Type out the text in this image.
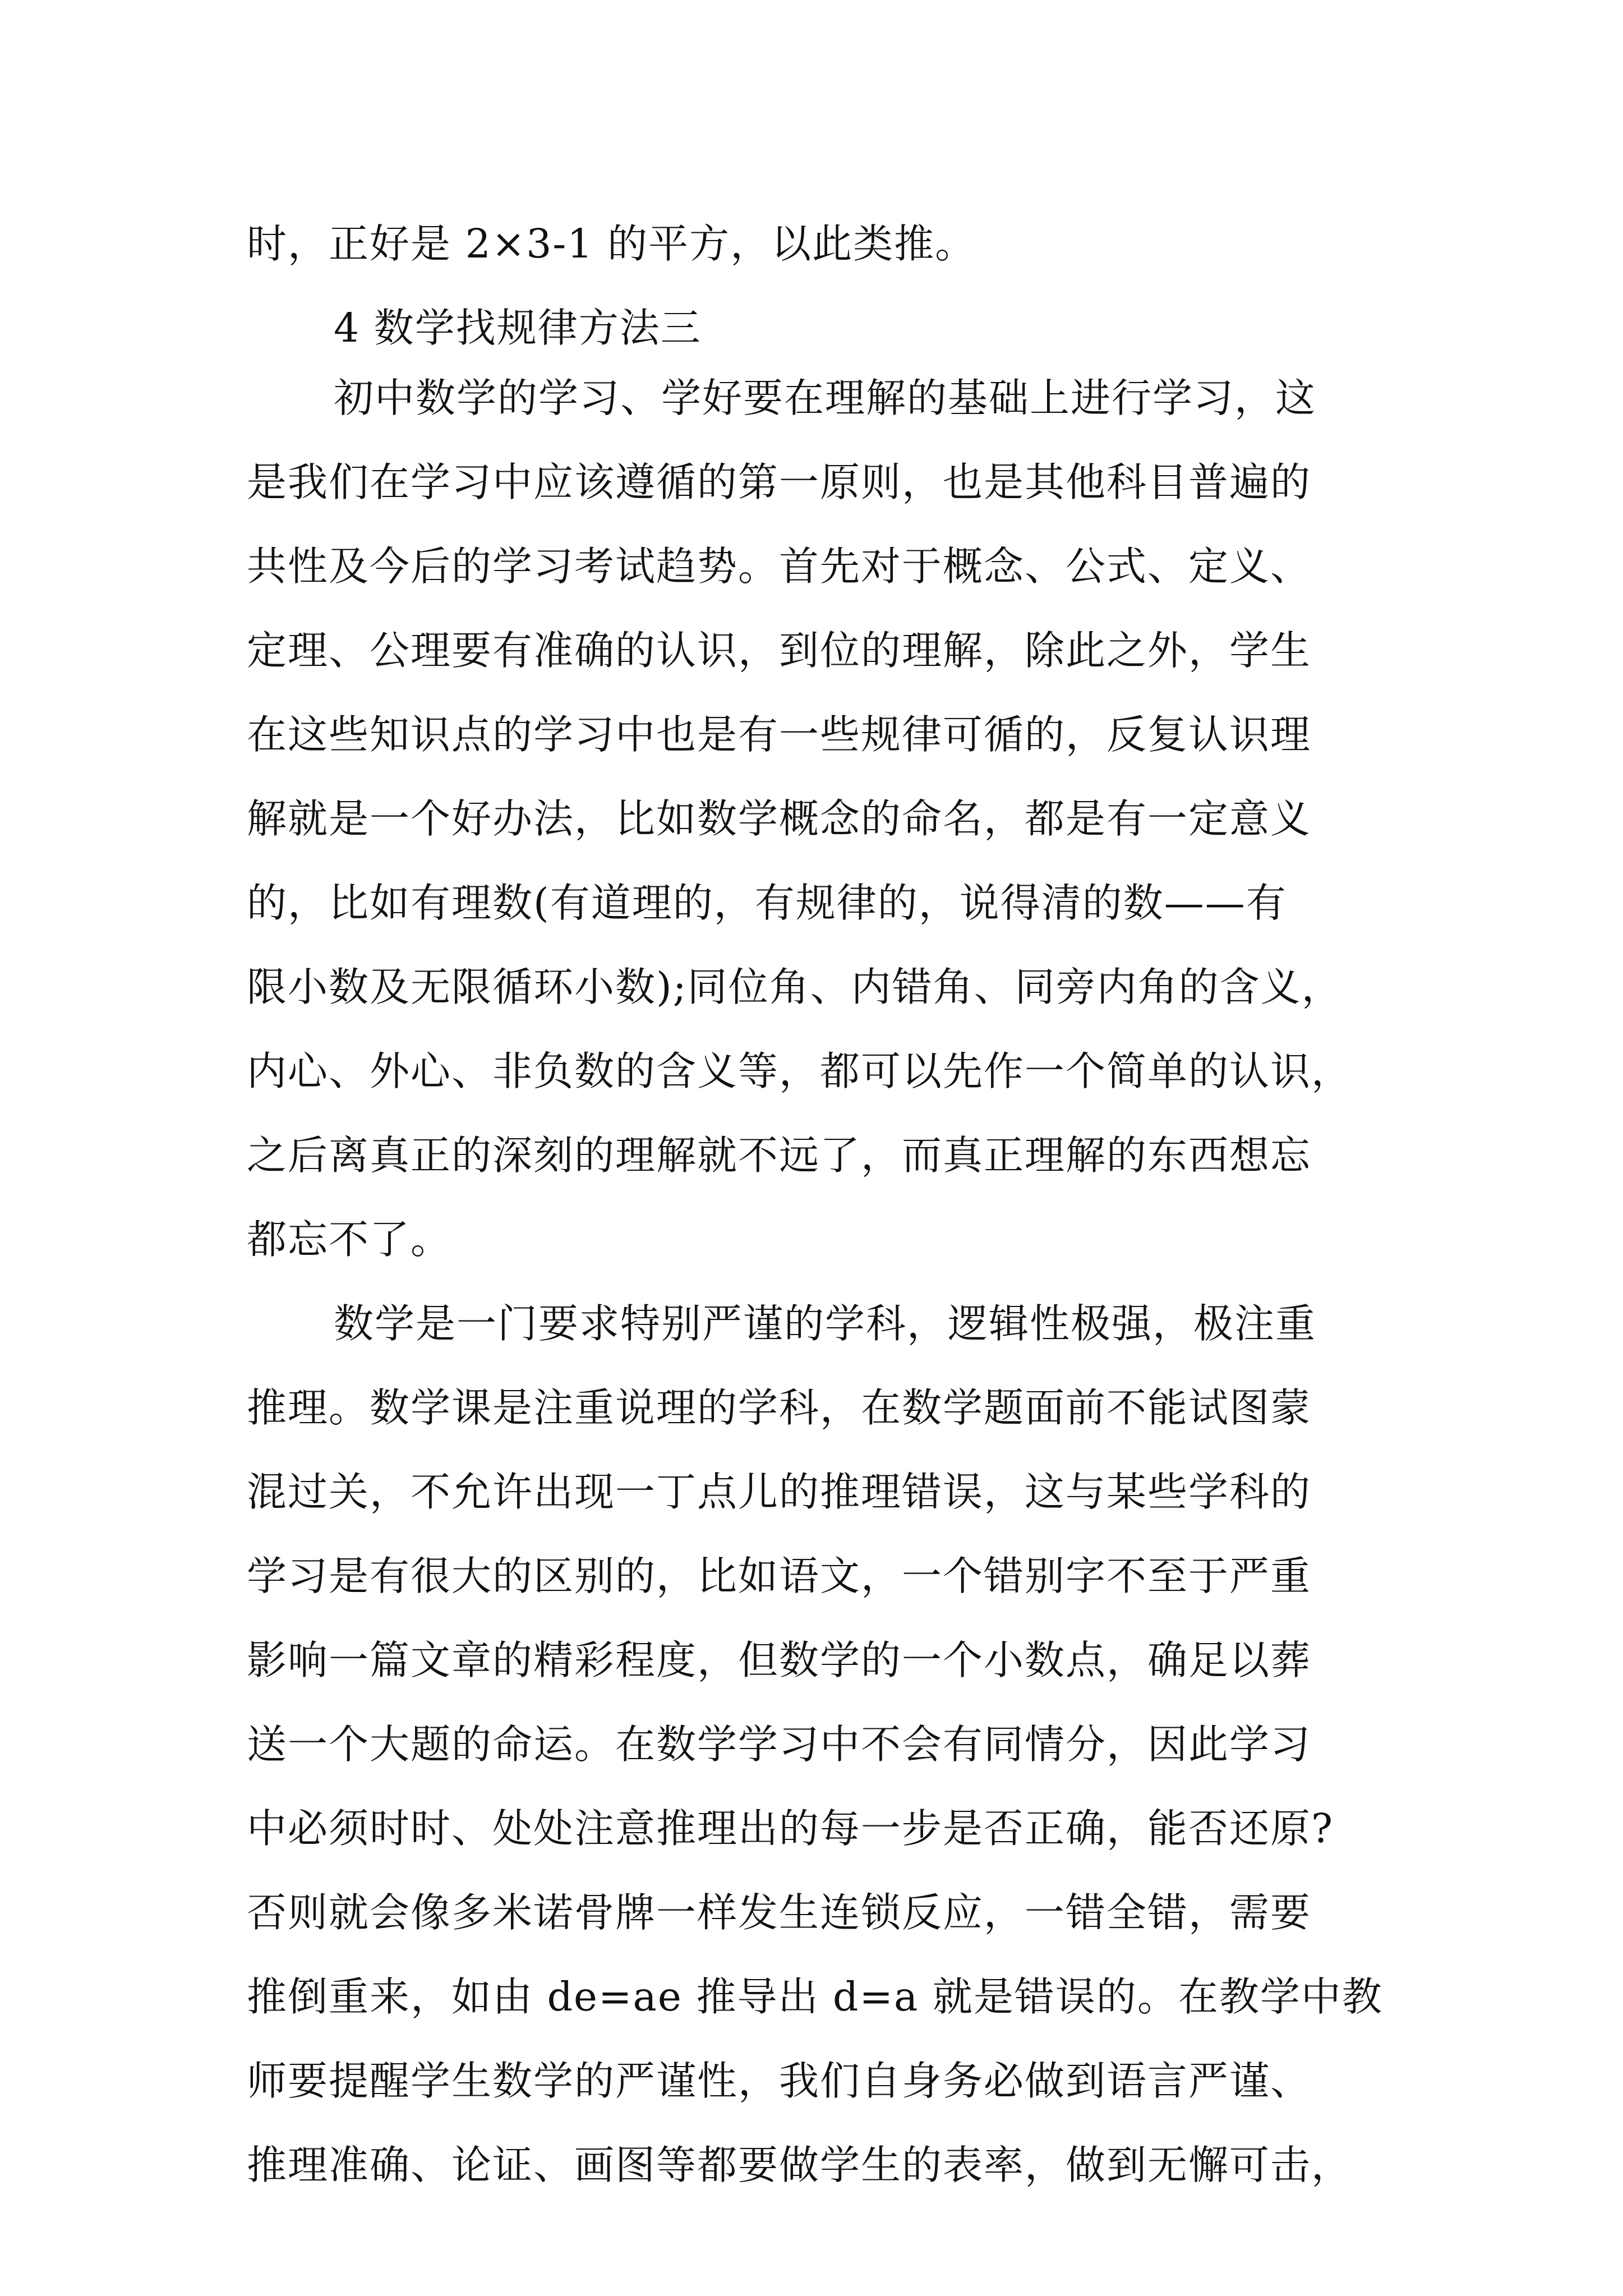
时，正好是 2×3-1 的平方，以此类推。
4 数学找规律方法三
初中数学的学习、学好要在理解的基础上进行学习，这
是我们在学习中应该遵循的第一原则，也是其他科目普遍的
共性及今后的学习考试趋势。首先对于概念、公式、定义、
定理、公理要有准确的认识，到位的理解，除此之外，学生
在这些知识点的学习中也是有一些规律可循的，反复认识理
解就是一个好办法，比如数学概念的命名，都是有一定意义
的，比如有理数(有道理的，有规律的，说得清的数——有
限小数及无限循环小数);同位角、内错角、同旁内角的含义，
内心、外心、非负数的含义等，都可以先作一个简单的认识，
之后离真正的深刻的理解就不远了，而真正理解的东西想忘
都忘不了。
数学是一门要求特别严谨的学科，逻辑性极强，极注重
推理。数学课是注重说理的学科，在数学题面前不能试图蒙
混过关，不允许出现一丁点儿的推理错误，这与某些学科的
学习是有很大的区别的，比如语文，一个错别字不至于严重
影响一篇文章的精彩程度，但数学的一个小数点，确足以葬
送一个大题的命运。在数学学习中不会有同情分，因此学习
中必须时时、处处注意推理出的每一步是否正确，能否还原?
否则就会像多米诺骨牌一样发生连锁反应，一错全错，需要
推倒重来，如由 de=ae 推导出 d=a 就是错误的。在教学中教
师要提醒学生数学的严谨性，我们自身务必做到语言严谨、
推理准确、论证、画图等都要做学生的表率，做到无懈可击，
